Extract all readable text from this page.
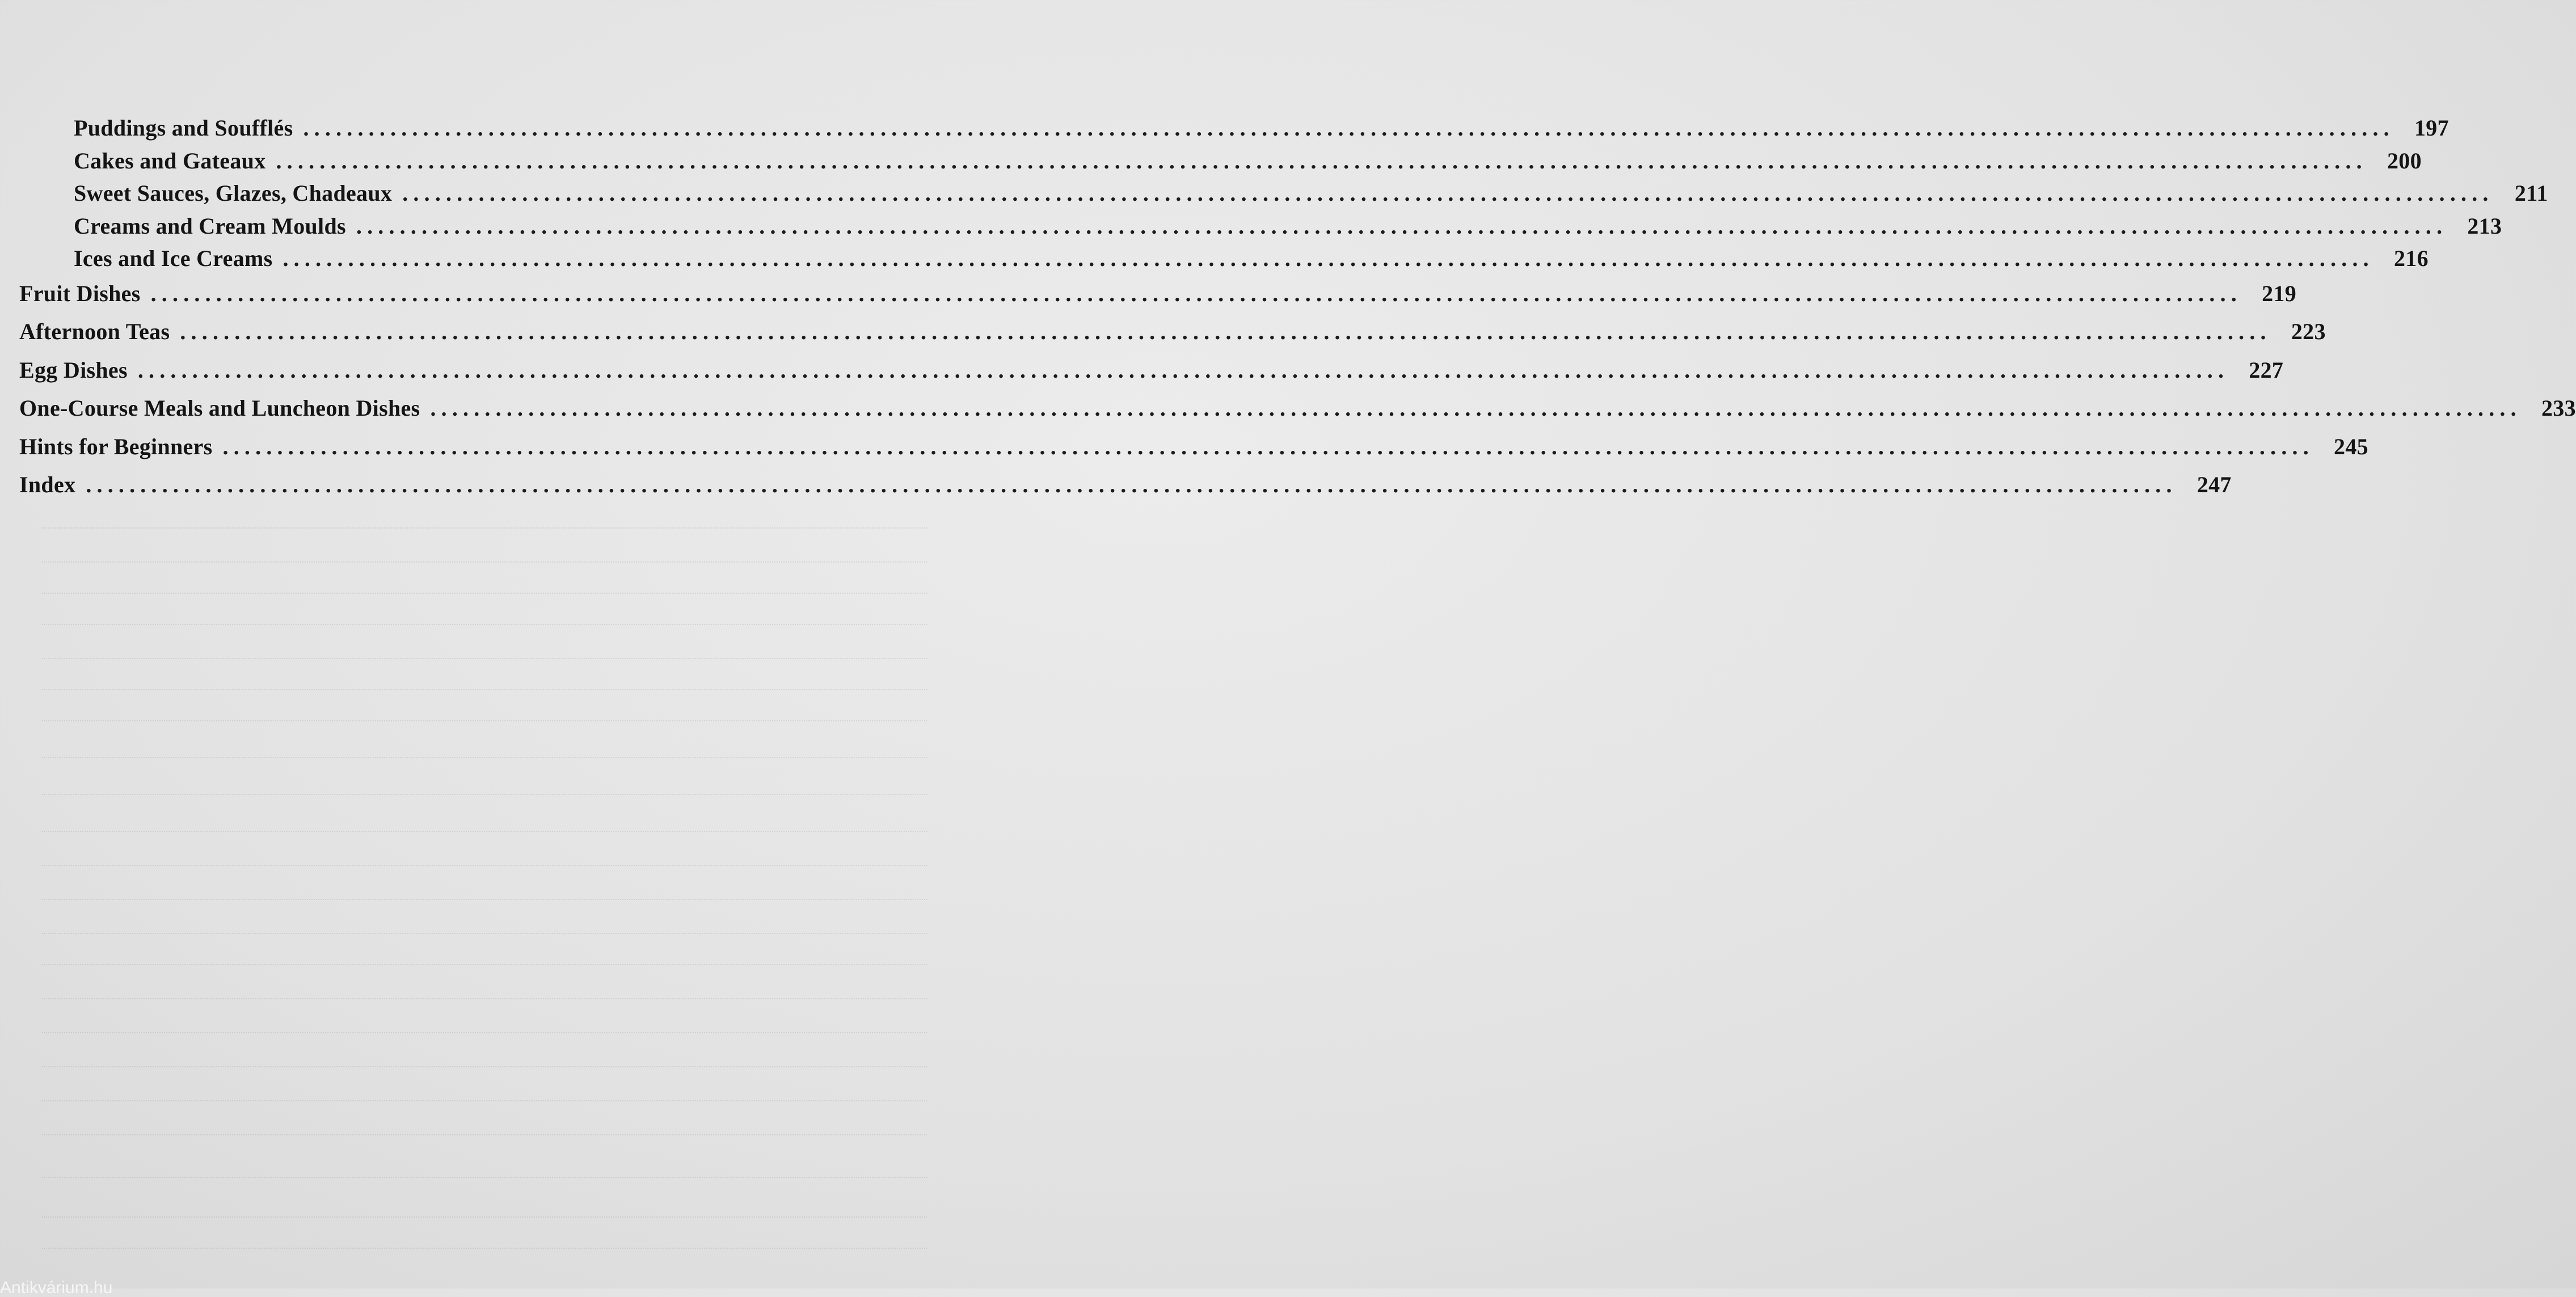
Puddings and Soufflés .....	197
Cakes and Gateaux .....	200
Sweet Sauces, Glazes, Chadeaux .....	211
Creams and Cream Moulds .....	213
Ices and Ice Creams .....	216
Fruit Dishes .....	219
Afternoon Teas .....	223
Egg Dishes .....	227
One-Course Meals and Luncheon Dishes .....	233
Hints for Beginners .....	245
Index .....	247
Antikvárium.hu
